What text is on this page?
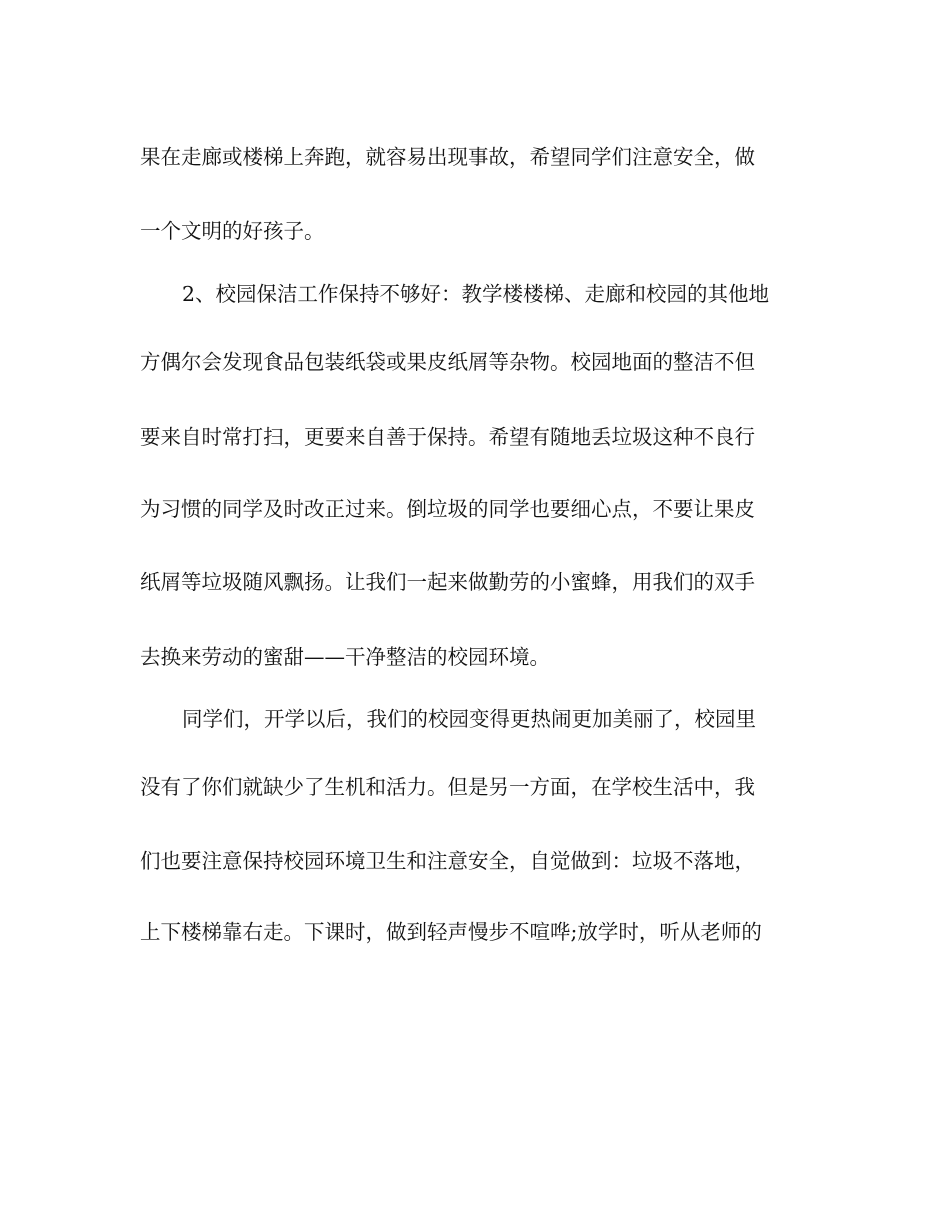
果在走廊或楼梯上奔跑，就容易出现事故，希望同学们注意安全，做
一个文明的好孩子。
2、校园保洁工作保持不够好：教学楼楼梯、走廊和校园的其他地
方偶尔会发现食品包装纸袋或果皮纸屑等杂物。校园地面的整洁不但
要来自时常打扫，更要来自善于保持。希望有随地丢垃圾这种不良行
为习惯的同学及时改正过来。倒垃圾的同学也要细心点，不要让果皮
纸屑等垃圾随风飘扬。让我们一起来做勤劳的小蜜蜂，用我们的双手
去换来劳动的蜜甜——干净整洁的校园环境。
同学们，开学以后，我们的校园变得更热闹更加美丽了，校园里
没有了你们就缺少了生机和活力。但是另一方面，在学校生活中，我
们也要注意保持校园环境卫生和注意安全，自觉做到：垃圾不落地，
上下楼梯靠右走。下课时，做到轻声慢步不喧哗;放学时，听从老师的
